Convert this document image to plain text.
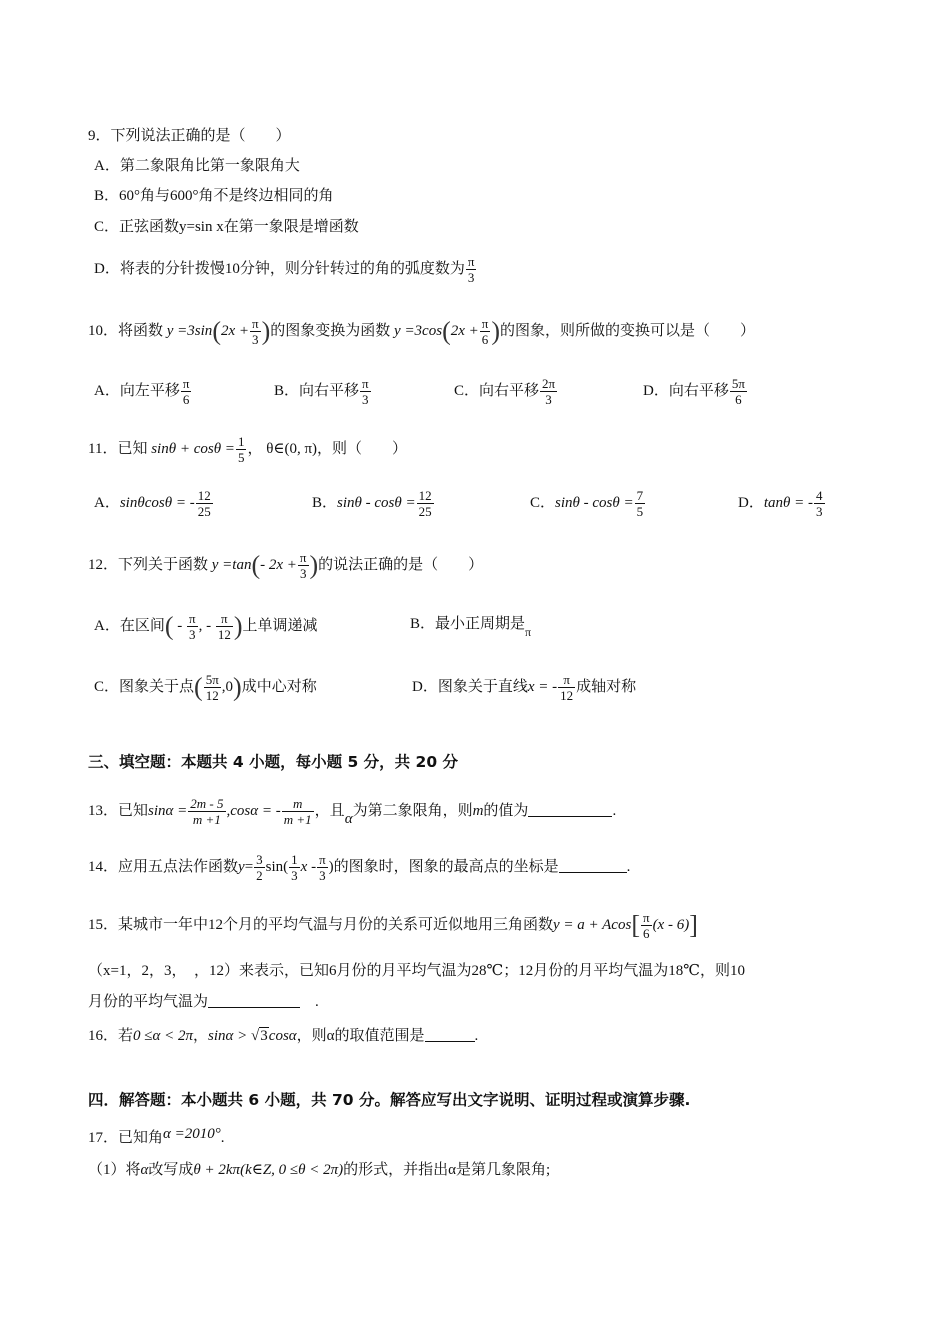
9．下列说法正确的是（　　）
A．第二象限角比第一象限角大
B．60°角与600°角不是终边相同的角
C．正弦函数y=sin x在第一象限是增函数
D．将表的分针拨慢10分钟，则分针转过的角的弧度数为 $\frac{\pi}{3}$
10．将函数 $y =3\sin(2x + \frac{\pi}{3}$ )的图象变换为函数 $y =3\cos(2x + \frac{\pi}{6}$ )的图象，则所做的变换可以是（　　）
A．向左平移 $\frac{\pi}{6}$	B．向右平移 $\frac{\pi}{3}$	C．向右平移 $\frac{2\pi}{3}$	D．向右平移 $\frac{5\pi}{6}$
11．已知 $\sin\theta + \cos\theta = \frac{1}{5}$ ， θ∈(0, π)，则（　　）
A．sinθcosθ = - $\frac{12}{25}$	B．$\sin\theta - \cos\theta = \frac{12}{25}$	C．$\sin\theta - \cos\theta = \frac{7}{5}$	D．tanθ = - $\frac{4}{3}$
12．下列关于函数 y =tan(- $2x + \frac{\pi}{3}$ )的说法正确的是（　　）
A．在区间( - $\frac{\pi}{3}$ , - $\frac{\pi}{12}$ )上单调递减	B．最小正周期是$_\pi$
C．图象关于点( $\frac{5\pi}{12} ,0$)成中心对称	D．图象关于直线x = - $\frac{\pi}{12}$ 成轴对称
三、填空题：本题共 4 小题，每小题 5 分，共 20 分
13．已知$\sin\alpha = \frac{2m - 5}{m +1} ,\cos\alpha$ = - $\frac{m}{m +1}$ ，且α为第二象限角，则m的值为	.
14．应用五点法作函数$y= \frac{3}{2} \sin( \frac{1}{3}$ x - $\frac{\pi}{3}$ )的图象时，图象的最高点的坐标是	.
15．某城市一年中12个月的平均气温与月份的关系可近似地用三角函数$y = a + Acos[ \frac{\pi}{6} (x - 6)]$
（x=1，2，3，　，12）来表示，已知6月份的月平均气温为28℃；12月份的月平均气温为18℃，则10
月份的平均气温为　	.
16．若0 ≤α < 2π，sinα > √3cosα，则α的取值范围是	.
四．解答题：本小题共 6 小题，共 70 分。解答应写出文字说明、证明过程或演算步骤.
17．已知角α =2010°.
（1）将α改写成θ + 2kπ(k∈Z, 0 ≤θ < 2π)的形式，并指出α是第几象限角;
